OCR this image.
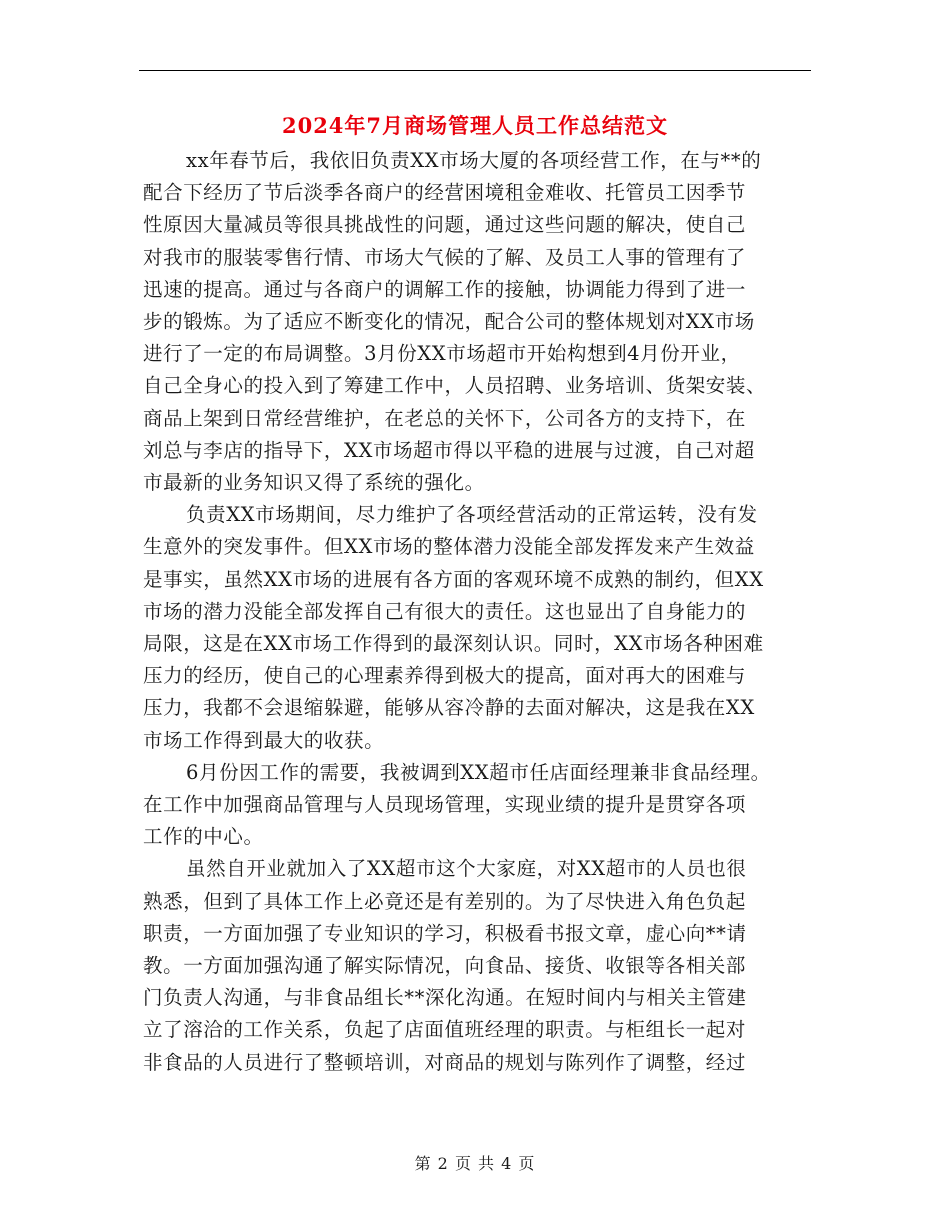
2024年7月商场管理人员工作总结范文
xx年春节后，我依旧负责XX市场大厦的各项经营工作，在与**的
配合下经历了节后淡季各商户的经营困境租金难收、托管员工因季节
性原因大量减员等很具挑战性的问题，通过这些问题的解决，使自己
对我市的服装零售行情、市场大气候的了解、及员工人事的管理有了
迅速的提高。通过与各商户的调解工作的接触，协调能力得到了进一
步的锻炼。为了适应不断变化的情况，配合公司的整体规划对XX市场
进行了一定的布局调整。3月份XX市场超市开始构想到4月份开业，
自己全身心的投入到了筹建工作中，人员招聘、业务培训、货架安装、
商品上架到日常经营维护，在老总的关怀下，公司各方的支持下，在
刘总与李店的指导下，XX市场超市得以平稳的进展与过渡，自己对超
市最新的业务知识又得了系统的强化。
负责XX市场期间，尽力维护了各项经营活动的正常运转，没有发
生意外的突发事件。但XX市场的整体潜力没能全部发挥发来产生效益
是事实，虽然XX市场的进展有各方面的客观环境不成熟的制约，但XX
市场的潜力没能全部发挥自己有很大的责任。这也显出了自身能力的
局限，这是在XX市场工作得到的最深刻认识。同时，XX市场各种困难
压力的经历，使自己的心理素养得到极大的提高，面对再大的困难与
压力，我都不会退缩躲避，能够从容冷静的去面对解决，这是我在XX
市场工作得到最大的收获。
6月份因工作的需要，我被调到XX超市任店面经理兼非食品经理。
在工作中加强商品管理与人员现场管理，实现业绩的提升是贯穿各项
工作的中心。
虽然自开业就加入了XX超市这个大家庭，对XX超市的人员也很
熟悉，但到了具体工作上必竟还是有差别的。为了尽快进入角色负起
职责，一方面加强了专业知识的学习，积极看书报文章，虚心向**请
教。一方面加强沟通了解实际情况，向食品、接货、收银等各相关部
门负责人沟通，与非食品组长**深化沟通。在短时间内与相关主管建
立了溶洽的工作关系，负起了店面值班经理的职责。与柜组长一起对
非食品的人员进行了整顿培训，对商品的规划与陈列作了调整，经过
第 2 页 共 4 页
